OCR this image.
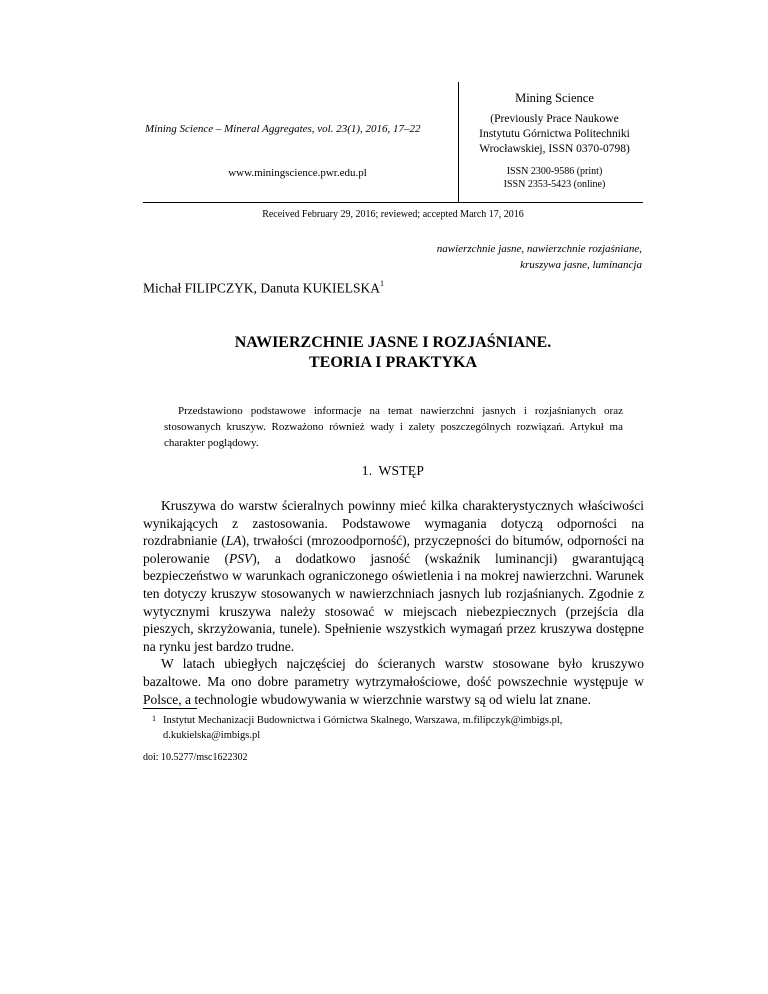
Mining Science – Mineral Aggregates, vol. 23(1), 2016, 17–22
www.miningscience.pwr.edu.pl
Mining Science
(Previously Prace Naukowe
Instytutu Górnictwa Politechniki
Wrocławskiej, ISSN 0370-0798)
ISSN 2300-9586 (print)
ISSN 2353-5423 (online)
Received February 29, 2016; reviewed; accepted March 17, 2016
nawierzchnie jasne, nawierzchnie rozjaśniane,
kruszywa jasne, luminancja
Michał FILIPCZYK, Danuta KUKIELSKA$^1$
NAWIERZCHNIE JASNE I ROZJAŚNIANE.
TEORIA I PRAKTYKA
Przedstawiono podstawowe informacje na temat nawierzchni jasnych i rozjaśnianych oraz stosowanych kruszyw. Rozważono również wady i zalety poszczególnych rozwiązań. Artykuł ma charakter poglądowy.
1. WSTĘP

Kruszywa do warstw ścieralnych powinny mieć kilka charakterystycznych właściwości wynikających z zastosowania. Podstawowe wymagania dotyczą odporności na rozdrabnianie (LA), trwałości (mrozoodporność), przyczepności do bitumów, odporności na polerowanie (PSV), a dodatkowo jasność (wskaźnik luminancji) gwarantującą bezpieczeństwo w warunkach ograniczonego oświetlenia i na mokrej nawierzchni. Warunek ten dotyczy kruszyw stosowanych w nawierzchniach jasnych lub rozjaśnianych. Zgodnie z wytycznymi kruszywa należy stosować w miejscach niebezpiecznych (przejścia dla pieszych, skrzyżowania, tunele). Spełnienie wszystkich wymagań przez kruszywa dostępne na rynku jest bardzo trudne.

W latach ubiegłych najczęściej do ścieranych warstw stosowane było kruszywo bazaltowe. Ma ono dobre parametry wytrzymałościowe, dość powszechnie występuje w Polsce, a technologie wbudowywania w wierzchnie warstwy są od wielu lat znane.

1 Instytut Mechanizacji Budownictwa i Górnictwa Skalnego, Warszawa, m.filipczyk@imbigs.pl,
d.kukielska@imbigs.pl
doi: 10.5277/msc1622302
